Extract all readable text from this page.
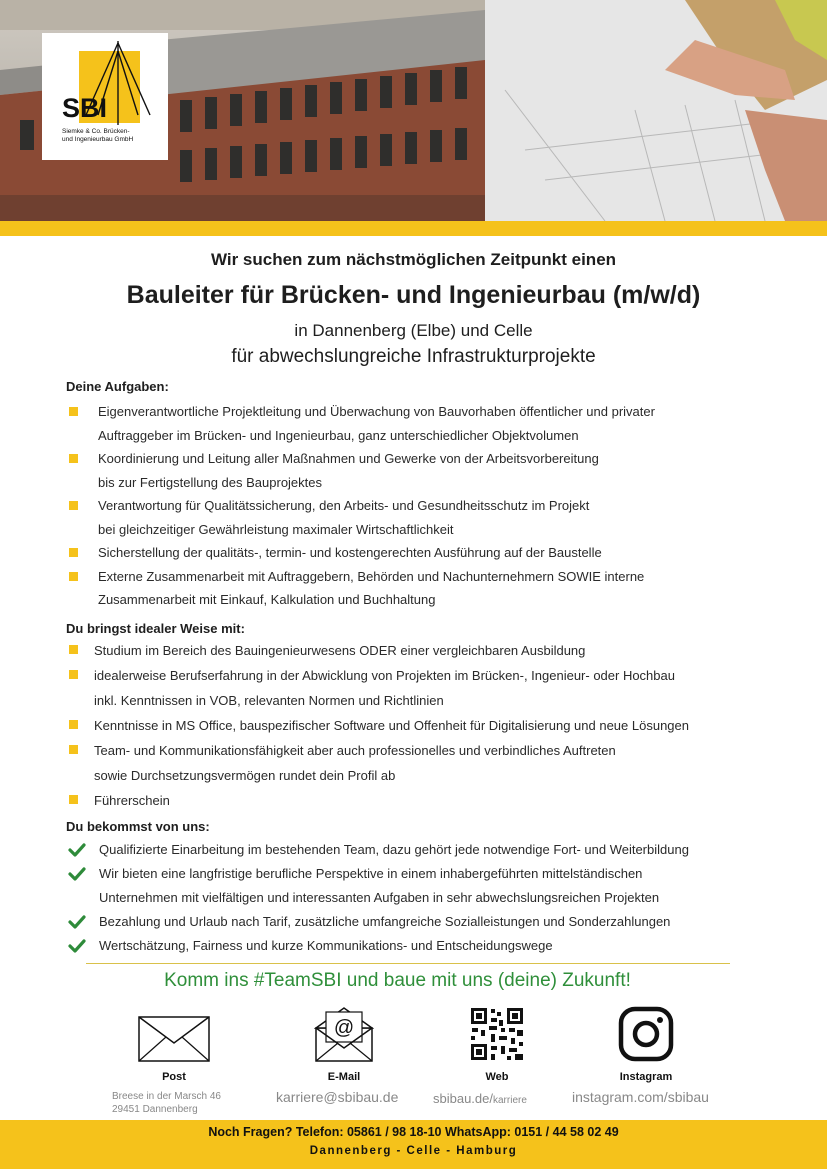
SBI
Siemke & Co. Brücken-
und Ingenieurbau GmbH
Wir suchen zum nächstmöglichen Zeitpunkt einen
Bauleiter für Brücken- und Ingenieurbau (m/w/d)
in Dannenberg (Elbe) und Celle
für abwechslungreiche Infrastrukturprojekte
Deine Aufgaben:
Eigenverantwortliche Projektleitung und Überwachung von Bauvorhaben öffentlicher und privater
Auftraggeber im Brücken- und Ingenieurbau, ganz unterschiedlicher Objektvolumen
Koordinierung und Leitung aller Maßnahmen und Gewerke von der Arbeitsvorbereitung
bis zur Fertigstellung des Bauprojektes
Verantwortung für Qualitätssicherung, den Arbeits- und Gesundheitsschutz im Projekt
bei gleichzeitiger Gewährleistung maximaler Wirtschaftlichkeit
Sicherstellung der qualitäts-, termin- und kostengerechten Ausführung auf der Baustelle
Externe Zusammenarbeit mit Auftraggebern, Behörden und Nachunternehmern SOWIE interne
Zusammenarbeit mit Einkauf, Kalkulation und Buchhaltung
Du bringst idealer Weise mit:
Studium im Bereich des Bauingenieurwesens ODER einer vergleichbaren Ausbildung
idealerweise Berufserfahrung in der Abwicklung von Projekten im Brücken-, Ingenieur- oder Hochbau
inkl. Kenntnissen in VOB, relevanten Normen und Richtlinien
Kenntnisse in MS Office, bauspezifischer Software und Offenheit für Digitalisierung und neue Lösungen
Team- und Kommunikationsfähigkeit aber auch professionelles und verbindliches Auftreten
sowie Durchsetzungsvermögen rundet dein Profil ab
Führerschein
Du bekommst von uns:
Qualifizierte Einarbeitung im bestehenden Team, dazu gehört jede notwendige Fort- und Weiterbildung
Wir bieten eine langfristige berufliche Perspektive in einem inhabergeführten mittelständischen
Unternehmen mit vielfältigen und interessanten Aufgaben in sehr abwechslungsreichen Projekten
Bezahlung und Urlaub nach Tarif, zusätzliche umfangreiche Sozialleistungen und Sonderzahlungen
Wertschätzung, Fairness und kurze Kommunikations- und Entscheidungswege
Komm ins #TeamSBI und baue mit uns (deine) Zukunft!
Post
@
E-Mail	Web	Instagram
Breese in der Marsch 46
29451 Dannenberg
karriere@sbibau.de	sbibau.de/karriere	instagram.com/sbibau
Noch Fragen? Telefon: 05861 / 98 18-10 WhatsApp: 0151 / 44 58 02 49
Dannenberg - Celle - Hamburg
